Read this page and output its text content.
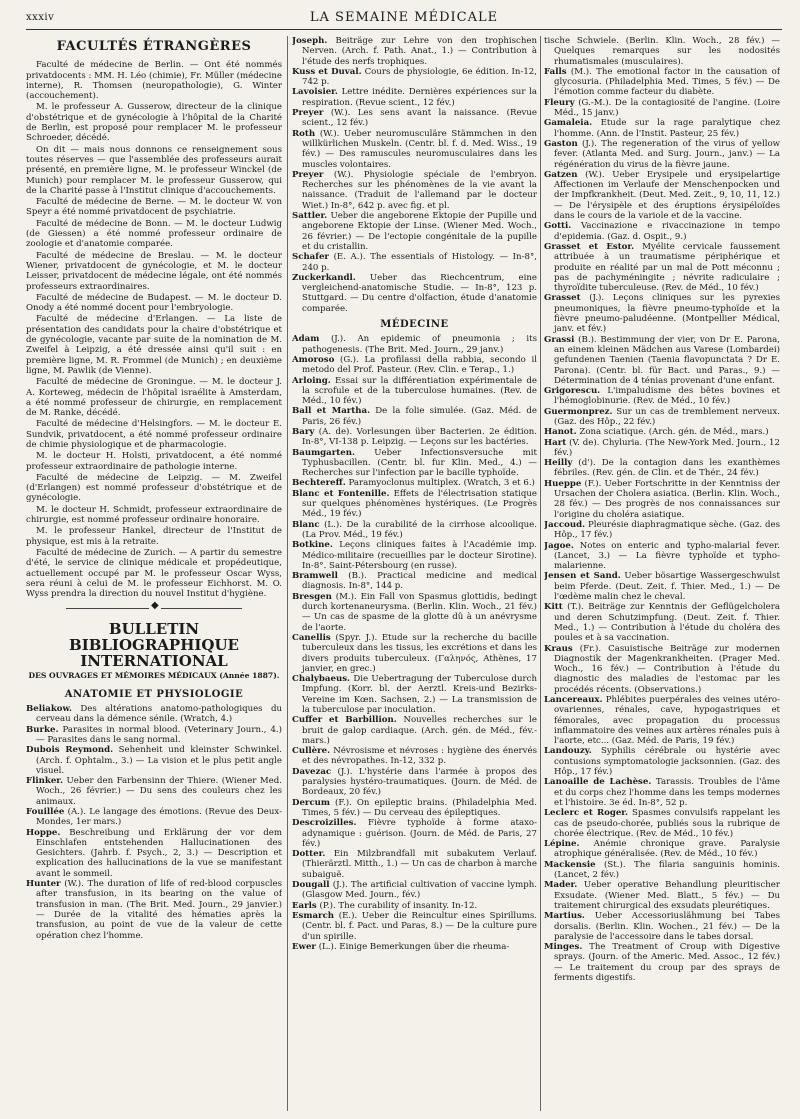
xxxiv	LA SEMAINE MÉDICALE
FACULTÉS ÉTRANGÈRES

Faculté de médecine de Berlin. — Ont été nommés privatdocents : MM. H. Léo (chimie), Fr. Müller (médecine interne), R. Thomsen (neuropathologie), G. Winter (accouchement).

M. le professeur A. Gusserow, directeur de la clinique d'obstétrique et de gynécologie à l'hôpital de la Charité de Berlin, est proposé pour remplacer M. le professeur Schroeder, décédé.

On dit — mais nous donnons ce renseignement sous toutes réserves — que l'assemblée des professeurs aurait présenté, en première ligne, M. le professeur Winckel (de Munich) pour remplacer M. le professeur Gusserow, qui de la Charité passe à l'Institut clinique d'accouchements.

Faculté de médecine de Berne. — M. le docteur W. von Speyr a été nommé privatdocent de psychiatrie.

Faculté de médecine de Bonn. — M. le docteur Ludwig (de Giessen) a été nommé professeur ordinaire de zoologie et d'anatomie comparée.

Faculté de médecine de Breslau. — M. le docteur Wiener, privatdocent de gynécologie, et M. le docteur Leisser, privatdocent de médecine légale, ont été nommés professeurs extraordinaires.

Faculté de médecine de Budapest. — M. le docteur D. Onody a été nommé docent pour l'embryologie.

Faculté de médecine d'Erlangen. — La liste de présentation des candidats pour la chaire d'obstétrique et de gynécologie, vacante par suite de la nomination de M. Zweifel à Leipzig, a été dressée ainsi qu'il suit : en première ligne, M. R. Frommel (de Munich) ; en deuxième ligne, M. Pawlik (de Vienne).

Faculté de médecine de Groningue. — M. le docteur J. A. Korteweg, médecin de l'hôpital israélite à Amsterdam, a été nommé professeur de chirurgie, en remplacement de M. Ranke, décédé.

Faculté de médecine d'Helsingfors. — M. le docteur E. Sundvik, privatdocent, a été nommé professeur ordinaire de chimie physiologique et de pharmacologie.

M. le docteur H. Holsti, privatdocent, a été nommé professeur extraordinaire de pathologie interne.

Faculté de médecine de Leipzig. — M. Zweifel (d'Erlangen) est nommé professeur d'obstétrique et de gynécologie.

M. le docteur H. Schmidt, professeur extraordinaire de chirurgie, est nommé professeur ordinaire honoraire.

M. le professeur Hankel, directeur de l'Institut de physique, est mis à la retraite.

Faculté de médecine de Zurich. — A partir du semestre d'été, le service de clinique médicale et propédeutique, actuellement occupé par M. le professeur Oscar Wyss, sera réuni à celui de M. le professeur Eichhorst. M. O. Wyss prendra la direction du nouvel Institut d'hygiène.

◆
BULLETIN BIBLIOGRAPHIQUE INTERNATIONAL
DES OUVRAGES ET MÉMOIRES MÉDICAUX (Année 1887).
ANATOMIE ET PHYSIOLOGIE

Beliakow. Des altérations anatomo-pathologiques du cerveau dans la démence sénile. (Wratch, 4.)

Burke. Parasites in normal blood. (Veterinary Journ., 4.) — Parasites dans le sang normal.

Dubois Reymond. Sehenheit und kleinster Schwinkel. (Arch. f. Ophtalm., 3.) — La vision et le plus petit angle visuel.

Flinker. Ueber den Farbensinn der Thiere. (Wiener Med. Woch., 26 février.) — Du sens des couleurs chez les animaux.

Fouillée (A.). Le langage des émotions. (Revue des Deux-Mondes, 1er mars.)

Hoppe. Beschreibung und Erklärung der vor dem Einschlafen entstehenden Hallucinationen des Gesichters. (Jahrb. f. Psych., 2, 3.) — Description et explication des hallucinations de la vue se manifestant avant le sommeil.

Hunter (W.). The duration of life of red-blood corpuscles after transfusion, in its bearing on the value of transfusion in man. (The Brit. Med. Journ., 29 janvier.) — Durée de la vitalité des hématies après la transfusion, au point de vue de la valeur de cette opération chez l'homme.

Joseph. Beiträge zur Lehre von den trophischen Nerven. (Arch. f. Path. Anat., 1.) — Contribution à l'étude des nerfs trophiques.

Kuss et Duval. Cours de physiologie, 6e édition. In-12, 742 p.

Lavoisier. Lettre inédite. Dernières expériences sur la respiration. (Revue scient., 12 fév.)

Preyer (W.). Les sens avant la naissance. (Revue scient., 12 fév.)

Roth (W.). Ueber neuromusculäre Stämmchen in den willkürlichen Muskeln. (Centr. bl. f. d. Med. Wiss., 19 fév.) — Des ramuscules neuromusculaires dans les muscles volontaires.

Preyer (W.). Physiologie spéciale de l'embryon. Recherches sur les phénomènes de la vie avant la naissance. (Traduit de l'allemand par le docteur Wiet.) In-8°, 642 p. avec fig. et pl.

Sattler. Ueber die angeborene Ektopie der Pupille und angeborene Ektopie der Linse. (Wiener Med. Woch., 26 février.) — De l'ectopie congénitale de la pupille et du cristallin.

Schafer (E. A.). The essentials of Histology. — In-8°, 240 p.

Zuckerkandl. Ueber das Riechcentrum, eine vergleichend-anatomische Studie. — In-8°, 123 p. Stuttgard. — Du centre d'olfaction, étude d'anatomie comparée.

MÉDECINE

Adam (J.). An epidemic of pneumonia ; its pathogenesis. (The Brit. Med. Journ., 29 janv.)

Amoroso (G.). La profilassi della rabbia, secondo il metodo del Prof. Pasteur. (Rev. Clin. e Terap., 1.)

Arloing. Essai sur la différentiation expérimentale de la scrofule et de la tuberculose humaines. (Rev. de Méd., 10 fév.)

Ball et Martha. De la folie simulée. (Gaz. Méd. de Paris, 26 fév.)

Bary (A. de). Vorlesungen über Bacterien. 2e édition. In-8°, VI-138 p. Leipzig. — Leçons sur les bactéries.

Baumgarten. Ueber Infectionsversuche mit Typhusbacillen. (Centr. bl. fur Klin. Med., 4.) — Recherches sur l'infection par le bacille typhoïde.

Bechtereff. Paramyoclonus multiplex. (Wratch, 3 et 6.)

Blanc et Fontenille. Effets de l'électrisation statique sur quelques phénomènes hystériques. (Le Progrès Méd., 19 fév.)

Blanc (L.). De la curabilité de la cirrhose alcoolique. (La Prov. Méd., 19 fév.)

Botkine. Leçons cliniques faites à l'Académie imp. Médico-militaire (recueillies par le docteur Sirotine). In-8°. Saint-Pétersbourg (en russe).

Bramwell (B.). Practical medicine and medical diagnosis. In-8°, 144 p.

Bresgen (M.). Ein Fall von Spasmus glottidis, bedingt durch kortenaneurysma. (Berlin. Klin. Woch., 21 fév.) — Un cas de spasme de la glotte dû à un anévrysme de l'aorte.

Canellis (Spyr. J.). Etude sur la recherche du bacille tuberculeux dans les tissus, les excrétions et dans les divers produits tuberculeux. (Γαληνός, Athènes, 17 janvier, en grec.)

Chalybaeus. Die Uebertragung der Tuberculose durch Impfung. (Korr. bl. der Aerztl. Kreis-und Bezirks-Vereine im Kœn. Sachsen, 2.) — La transmission de la tuberculose par inoculation.

Cuffer et Barbillion. Nouvelles recherches sur le bruit de galop cardiaque. (Arch. gén. de Méd., fév.-mars.)

Cullère. Névrosisme et névroses : hygiène des énervés et des névropathes. In-12, 332 p.

Davezac (J.). L'hystérie dans l'armée à propos des paralysies hystéro-traumatiques. (Journ. de Méd. de Bordeaux, 20 fév.)

Dercum (F.). On epileptic brains. (Philadelphia Med. Times, 5 fév.) — Du cerveau des épileptiques.

Descroizilles. Fièvre typhoïde à forme ataxo-adynamique : guérison. (Journ. de Méd. de Paris, 27 fév.)

Dotter. Ein Milzbrandfall mit subakutem Verlauf. (Thierärztl. Mitth., 1.) — Un cas de charbon à marche subaiguë.

Dougall (J.). The artificial cultivation of vaccine lymph. (Glasgow Med. Journ., fév.)

Earls (P.). The curability of insanity. In-12.

Esmarch (E.). Ueber die Reincultur eines Spirillums. (Centr. bl. f. Pact. und Paras, 8.) — De la culture pure d'un spirille.

Ewer (L.). Einige Bemerkungen über die rheuma-

tische Schwiele. (Berlin. Klin. Woch., 28 fév.) — Quelques remarques sur les nodosités rhumatismales (musculaires).

Falls (M.). The emotional factor in the causation of glycosuria. (Philadelphia Med. Times, 5 fév.) — De l'émotion comme facteur du diabète.

Fleury (G.-M.). De la contagiosité de l'angine. (Loire Méd., 15 janv.)

Gamaleia. Etude sur la rage paralytique chez l'homme. (Ann. de l'Instit. Pasteur, 25 fév.)

Gaston (J.). The regeneration of the virus of yellow fever. (Atlanta Med. and Surg. Journ., janv.) — La régénération du virus de la fièvre jaune.

Gatzen (W.). Ueber Erysipele und erysipelartige Affectionen im Verlaufe der Menschenpocken und der Impfkrankheit. (Deut. Med. Zeit., 9, 10, 11, 12.) — De l'érysipèle et des éruptions érysipéloïdes dans le cours de la variole et de la vaccine.

Gotti. Vaccinazione e rivaccinazione in tempo d'epidemia. (Gaz. d. Ospit., 9.)

Grasset et Estor. Myélite cervicale faussement attribuée à un traumatisme périphérique et produite en réalité par un mal de Pott méconnu ; pas de pachyméningite ; névrite radiculaire ; thyroïdite tuberculeuse. (Rev. de Méd., 10 fév.)

Grasset (J.). Leçons cliniques sur les pyrexies pneumoniques, la fièvre pneumo-typhoïde et la fièvre pneumo-paludéenne. (Montpellier Médical, janv. et fév.)

Grassi (B.). Bestimmung der vier, von Dr E. Parona, an einem kleinen Mädchen aus Varese (Lombardei) gefundenen Taenien (Taenia flavopunctata ? Dr E. Parona). (Centr. bl. für Bact. und Paras., 9.) — Détermination de 4 ténias provenant d'une enfant.

Grigorescu. L'impaludisme des bêtes bovines et l'hémoglobinurie. (Rev. de Méd., 10 fév.)

Guermonprez. Sur un cas de tremblement nerveux. (Gaz. des Hôp., 22 fév.)

Hanot. Zona sciatique. (Arch. gén. de Méd., mars.)

Hart (V. de). Chyluria. (The New-York Med. Journ., 12 fév.)

Heilly (d'). De la contagion dans les exanthèmes fébriles. (Rev. gén. de Clin. et de Thér., 24 fév.)

Hueppe (F.). Ueber Fortschritte in der Kenntniss der Ursachen der Cholera asiatica. (Berlin. Klin. Woch., 28 fév.) — Des progrès de nos connaissances sur l'origine du choléra asiatique.

Jaccoud. Pleurésie diaphragmatique sèche. (Gaz. des Hôp., 17 fév.)

Jagoe. Notes on enteric and typho-malarial fever. (Lancet, 3.) — La fièvre typhoïde et typho-malarienne.

Jensen et Sand. Ueber bösartige Wassergeschwulst beim Pferde. (Deut. Zeit. f. Thier. Med., 1.) — De l'œdème malin chez le cheval.

Kitt (T.). Beiträge zur Kenntnis der Geflügelcholera und deren Schutzimpfung. (Deut. Zeit. f. Thier. Med., 1.) — Contribution à l'étude du choléra des poules et à sa vaccination.

Kraus (Fr.). Casuistische Beiträge zur modernen Diagnostik der Magenkrankheiten. (Prager Med. Woch., 16 fév.) — Contribution à l'étude du diagnostic des maladies de l'estomac par les procédés récents. (Observations.)

Lancereaux. Phlébites puerpérales des veines utéro-ovariennes, rénales, cave, hypogastriques et fémorales, avec propagation du processus inflammatoire des veines aux artères rénales puis à l'aorte, etc... (Gaz. Méd. de Paris, 19 fév.)

Landouzy. Syphilis cérébrale ou hystérie avec contusions symptomatologie jacksonnien. (Gaz. des Hôp., 17 fév.)

Lanoaille de Lachèse. Tarassis. Troubles de l'âme et du corps chez l'homme dans les temps modernes et l'histoire. 3e éd. In-8°, 52 p.

Leclerc et Roger. Spasmes convulsifs rappelant les cas de pseudo-chorée, publiés sous la rubrique de chorée électrique. (Rev. de Méd., 10 fév.)

Lépine. Anémie chronique grave. Paralysie atrophique généralisée. (Rev. de Méd., 10 fév.)

Mackensie (St.). The filaria sanguinis hominis. (Lancet, 2 fév.)

Mader. Ueber operative Behandlung pleuritischer Exsudate. (Wiener Med. Blatt., 5 fév.) — Du traitement chirurgical des exsudats pleurétiques.

Martius. Ueber Accessoriuslähmung bei Tabes dorsalis. (Berlin. Klin. Wochen., 21 fév.) — De la paralysie de l'accessoire dans le tabes dorsal.

Minges. The Treatment of Croup with Digestive sprays. (Journ. of the Americ. Med. Assoc., 12 fév.) — Le traitement du croup par des sprays de ferments digestifs.
